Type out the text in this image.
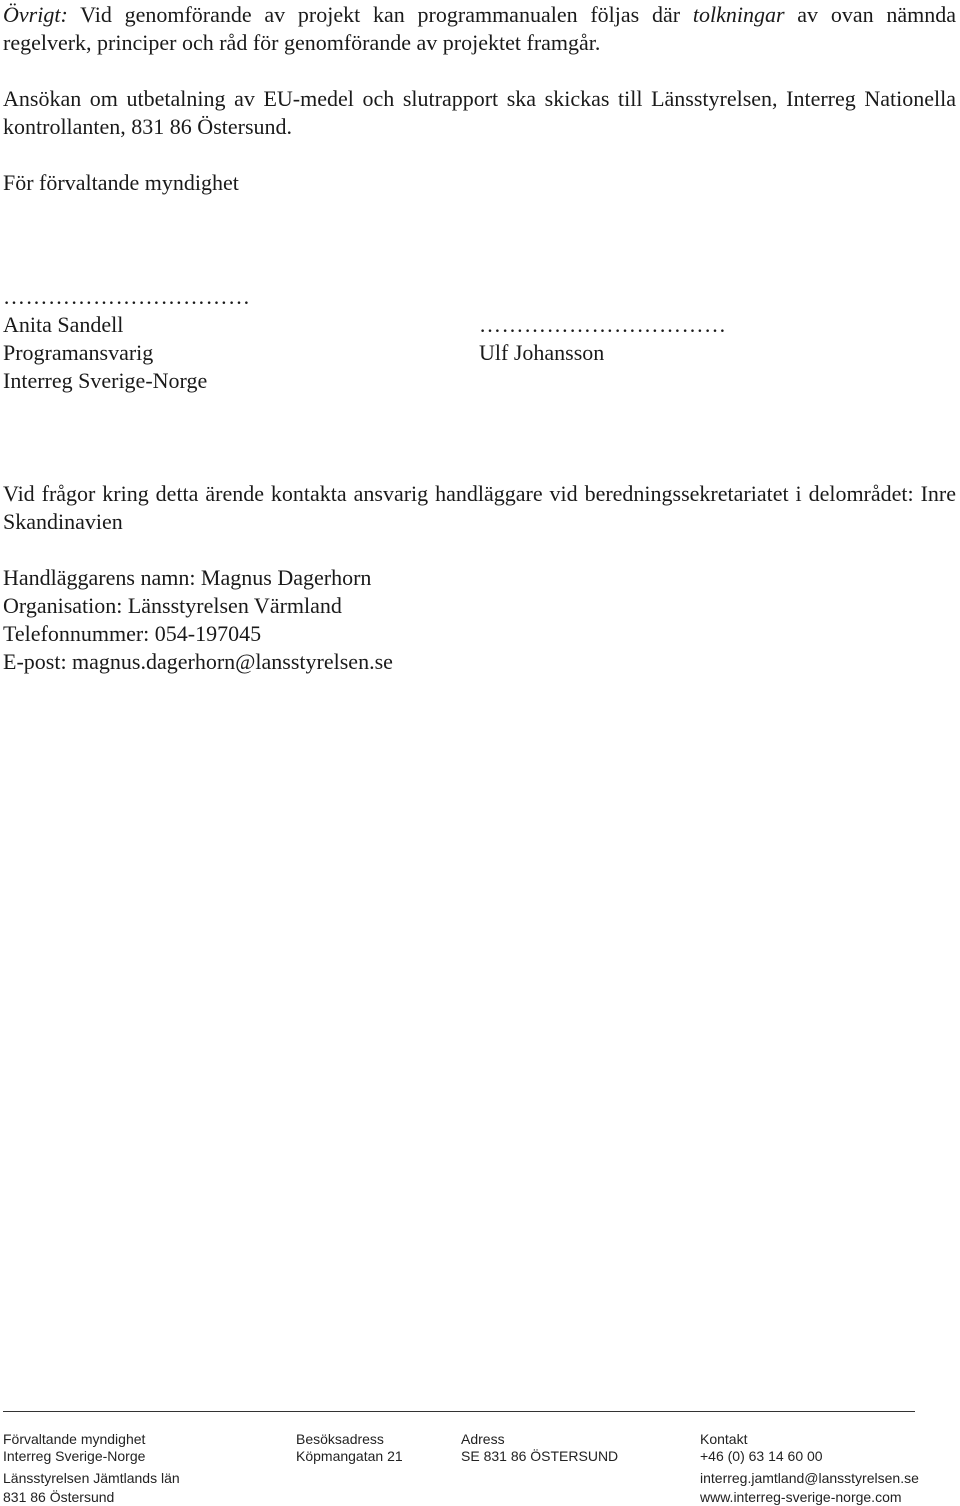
Övrigt: Vid genomförande av projekt kan programmanualen följas där tolkningar av ovan nämnda regelverk, principer och råd för genomförande av projektet framgår.

Ansökan om utbetalning av EU-medel och slutrapport ska skickas till Länsstyrelsen, Interreg Nationella kontrollanten, 831 86 Östersund.

För förvaltande myndighet
……………………………
Anita Sandell
Programansvarig
Interreg Sverige-Norge
……………………………
Ulf Johansson

Vid frågor kring detta ärende kontakta ansvarig handläggare vid beredningssekretariatet i delområdet: Inre Skandinavien

Handläggarens namn: Magnus Dagerhorn
Organisation: Länsstyrelsen Värmland
Telefonnummer: 054-197045
E-post: magnus.dagerhorn@lansstyrelsen.se
Förvaltande myndighet
Interreg Sverige-Norge
Länsstyrelsen Jämtlands län
831 86 Östersund
Besöksadress
Köpmangatan 21
Adress
SE 831 86 ÖSTERSUND
Kontakt
+46 (0) 63 14 60 00
interreg.jamtland@lansstyrelsen.se
www.interreg-sverige-norge.com
